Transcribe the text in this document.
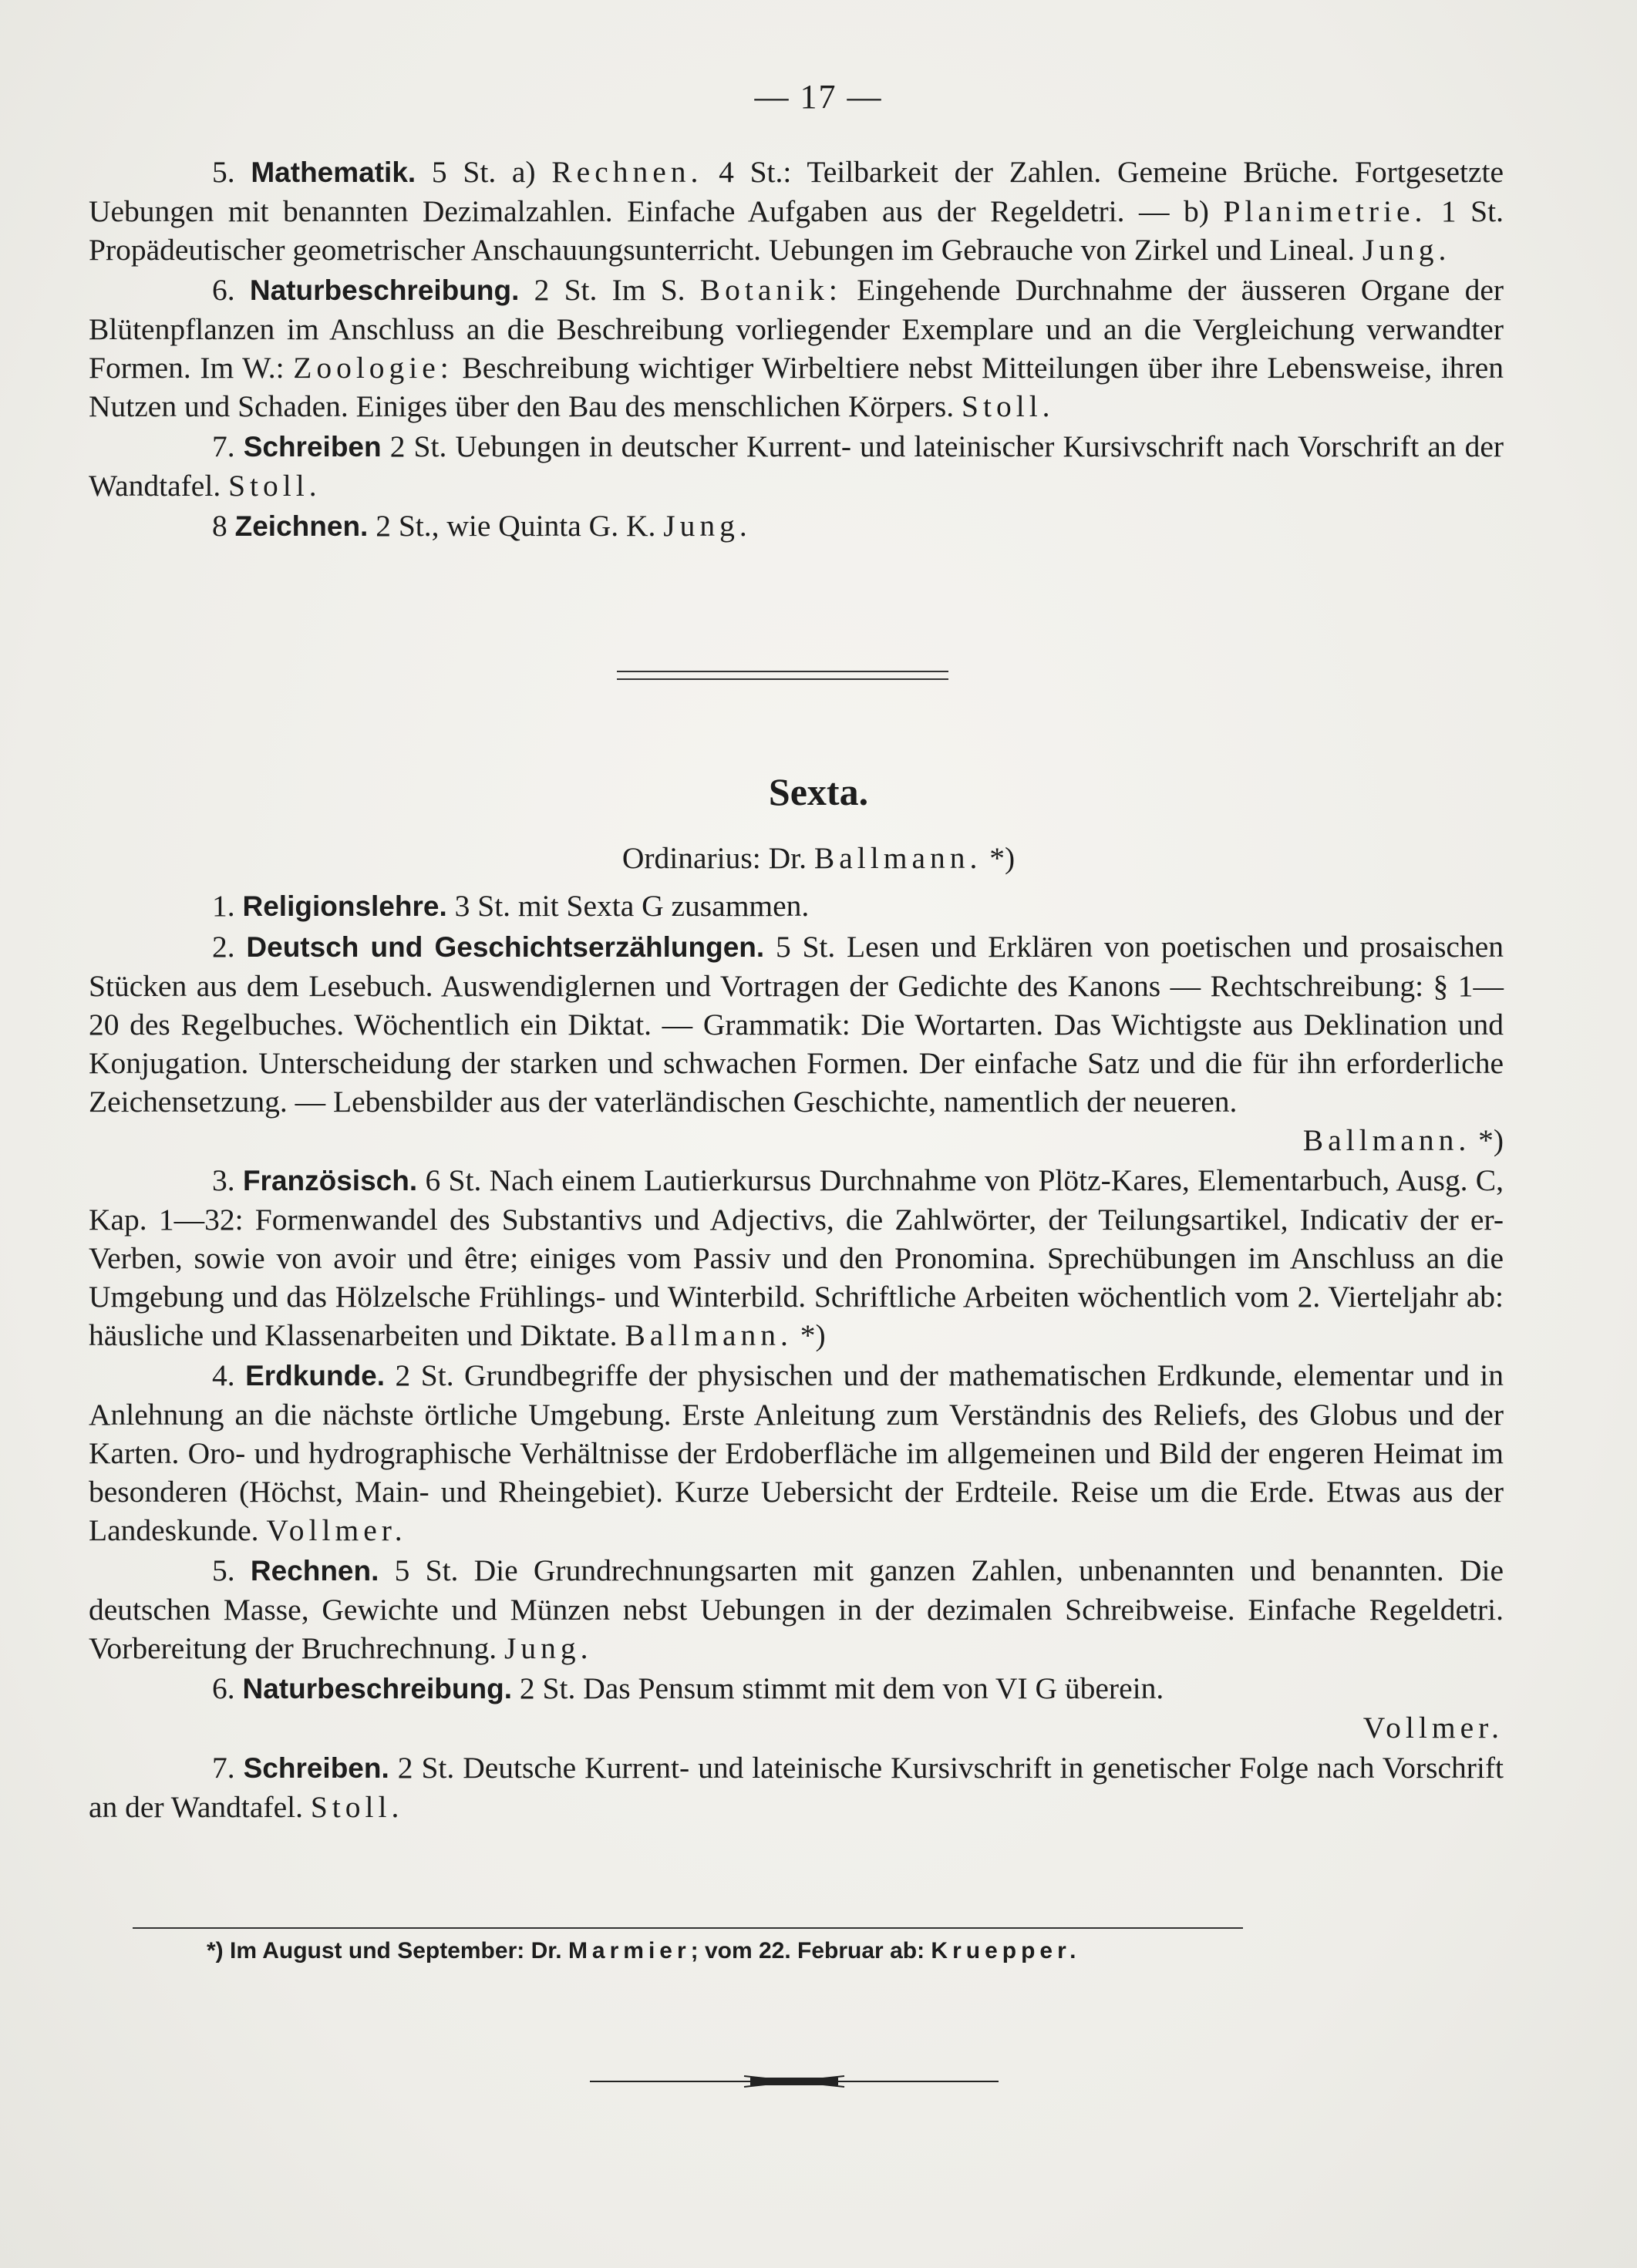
— 17 —

5. Mathematik. 5 St. a) Rechnen. 4 St.: Teilbarkeit der Zahlen. Gemeine Brüche. Fortgesetzte Uebungen mit benannten Dezimalzahlen. Einfache Aufgaben aus der Regeldetri. — b) Planimetrie. 1 St. Propädeutischer geometrischer Anschauungsunterricht. Uebungen im Gebrauche von Zirkel und Lineal. Jung.

6. Naturbeschreibung. 2 St. Im S. Botanik: Eingehende Durchnahme der äusseren Organe der Blütenpflanzen im Anschluss an die Beschreibung vorliegender Exemplare und an die Vergleichung verwandter Formen. Im W.: Zoologie: Beschreibung wichtiger Wirbeltiere nebst Mitteilungen über ihre Lebensweise, ihren Nutzen und Schaden. Einiges über den Bau des menschlichen Körpers. Stoll.

7. Schreiben 2 St. Uebungen in deutscher Kurrent- und lateinischer Kursivschrift nach Vorschrift an der Wandtafel. Stoll.

8 Zeichnen. 2 St., wie Quinta G. K. Jung.

Sexta.
Ordinarius: Dr. Ballmann. *)

1. Religionslehre. 3 St. mit Sexta G zusammen.

2. Deutsch und Geschichtserzählungen. 5 St. Lesen und Erklären von poetischen und prosaischen Stücken aus dem Lesebuch. Auswendiglernen und Vortragen der Gedichte des Kanons — Rechtschreibung: § 1—20 des Regelbuches. Wöchentlich ein Diktat. — Grammatik: Die Wortarten. Das Wichtigste aus Deklination und Konjugation. Unterscheidung der starken und schwachen Formen. Der einfache Satz und die für ihn erforderliche Zeichensetzung. — Lebensbilder aus der vaterländischen Geschichte, namentlich der neueren.
Ballmann. *)

3. Französisch. 6 St. Nach einem Lautierkursus Durchnahme von Plötz-Kares, Elementarbuch, Ausg. C, Kap. 1—32: Formenwandel des Substantivs und Adjectivs, die Zahlwörter, der Teilungsartikel, Indicativ der er-Verben, sowie von avoir und être; einiges vom Passiv und den Pronomina. Sprechübungen im Anschluss an die Umgebung und das Hölzelsche Frühlings- und Winterbild. Schriftliche Arbeiten wöchentlich vom 2. Vierteljahr ab: häusliche und Klassenarbeiten und Diktate. Ballmann. *)

4. Erdkunde. 2 St. Grundbegriffe der physischen und der mathematischen Erdkunde, elementar und in Anlehnung an die nächste örtliche Umgebung. Erste Anleitung zum Verständnis des Reliefs, des Globus und der Karten. Oro- und hydrographische Verhältnisse der Erdoberfläche im allgemeinen und Bild der engeren Heimat im besonderen (Höchst, Main- und Rheingebiet). Kurze Uebersicht der Erdteile. Reise um die Erde. Etwas aus der Landeskunde. Vollmer.

5. Rechnen. 5 St. Die Grundrechnungsarten mit ganzen Zahlen, unbenannten und benannten. Die deutschen Masse, Gewichte und Münzen nebst Uebungen in der dezimalen Schreibweise. Einfache Regeldetri. Vorbereitung der Bruchrechnung. Jung.

6. Naturbeschreibung. 2 St. Das Pensum stimmt mit dem von VI G überein.
Vollmer.

7. Schreiben. 2 St. Deutsche Kurrent- und lateinische Kursivschrift in genetischer Folge nach Vorschrift an der Wandtafel. Stoll.

*) Im August und September: Dr. Marmier; vom 22. Februar ab: Kruepper.
